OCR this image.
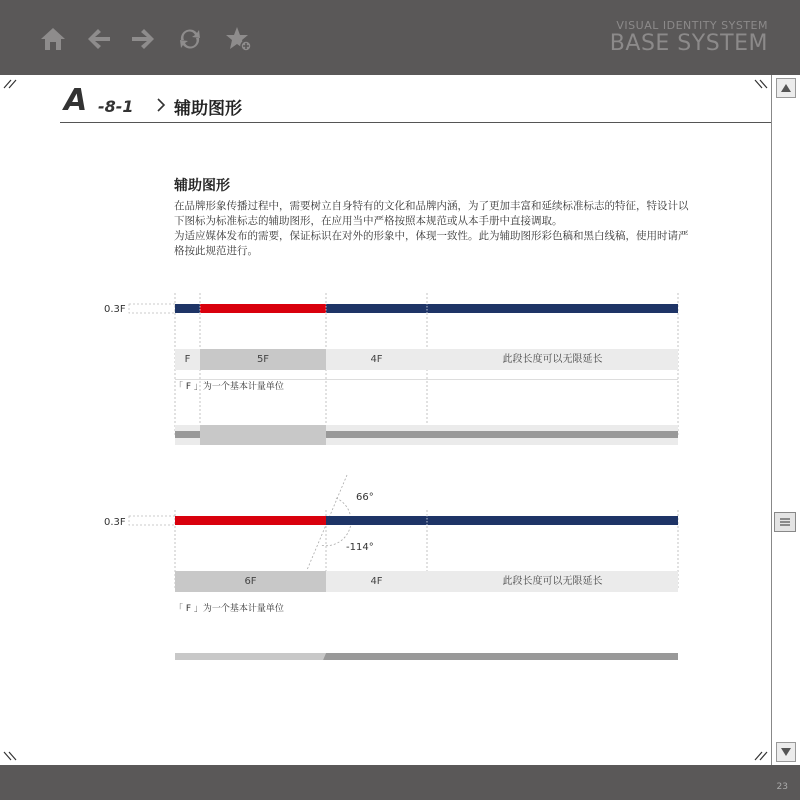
VISUAL IDENTITY SYSTEM
BASE SYSTEM
A -8-1 辅助图形
辅助图形

在品牌形象传播过程中，需要树立自身特有的文化和品牌内涵，为了更加丰富和延续标准标志的特征，特设计以下图标为标准标志的辅助图形，在应用当中严格按照本规范或从本手册中直接调取。

为适应媒体发布的需要，保证标识在对外的形象中，体现一致性。此为辅助图形彩色稿和黑白线稿，使用时请严格按此规范进行。

0.3F
F	5F	4F	此段长度可以无限延长
「 F 」为一个基本计量单位
0.3F
66°
-114°
6F	4F	此段长度可以无限延长
「 F 」为一个基本计量单位
23
